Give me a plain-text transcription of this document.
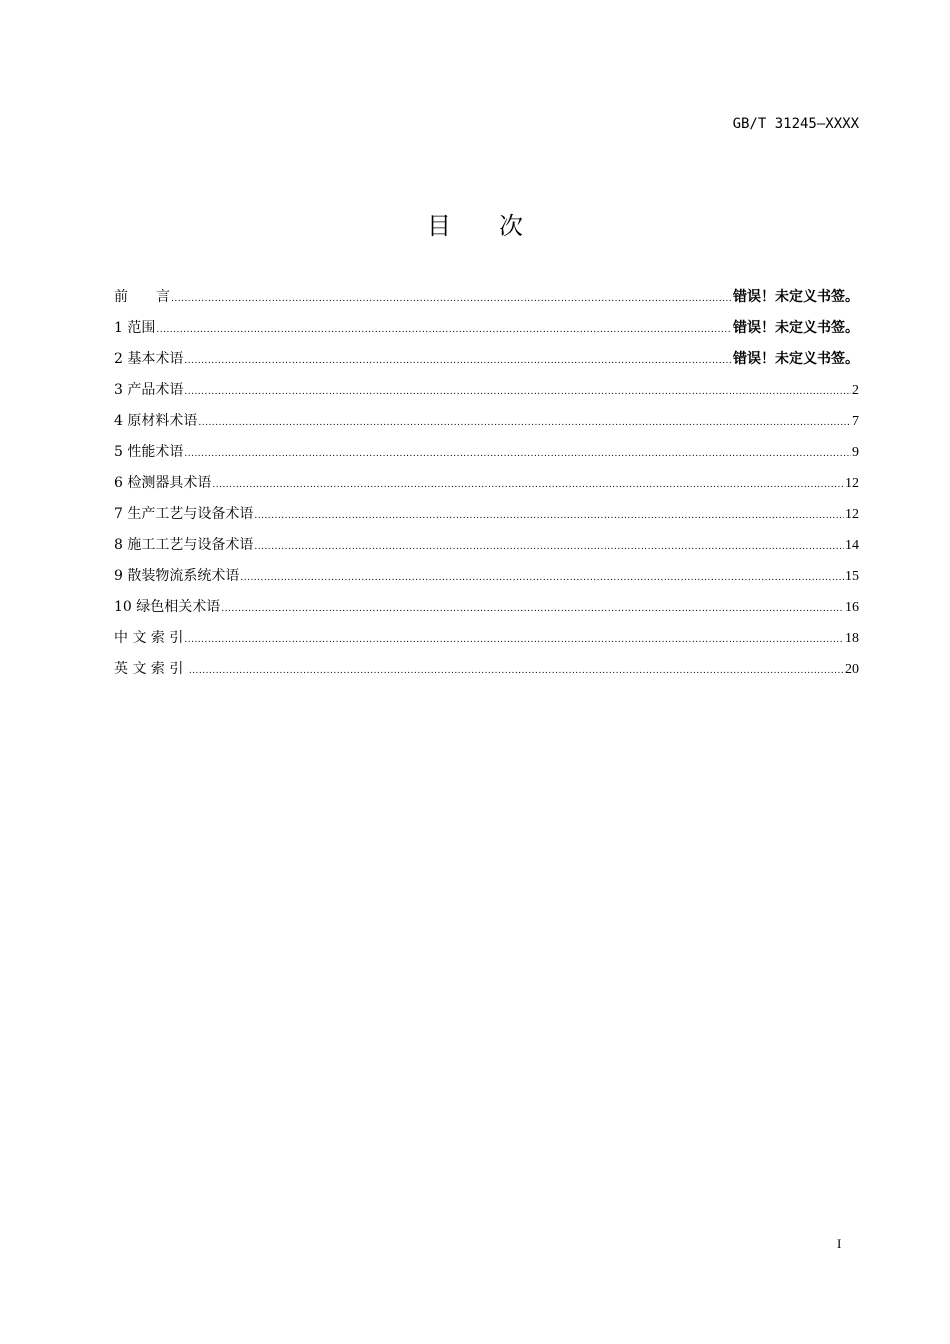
GB/T 31245—XXXX
目次
前　　言 .....	错误！未定义书签。
1 范围 .....	错误！未定义书签。
2 基本术语 .....	错误！未定义书签。
3 产品术语 .....	2
4 原材料术语 .....	7
5 性能术语 .....	9
6 检测器具术语 .....	12
7 生产工艺与设备术语 .....	12
8 施工工艺与设备术语 .....	14
9 散装物流系统术语 .....	15
10 绿色相关术语 .....	16
中 文 索 引 .....	18
英 文 索 引 .....	20
I
